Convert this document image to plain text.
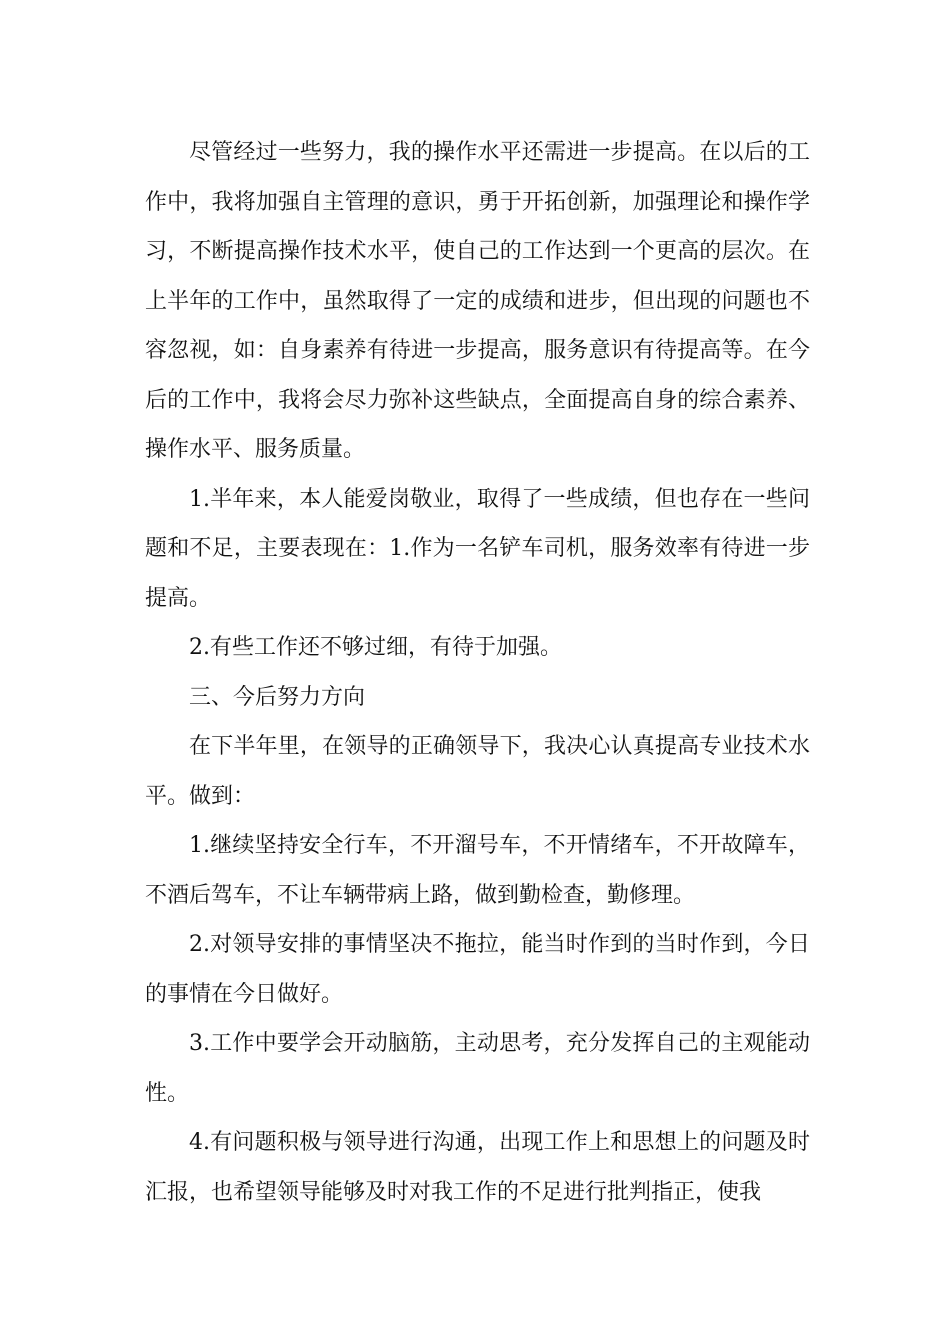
尽管经过一些努力，我的操作水平还需进一步提高。在以后的工作中，我将加强自主管理的意识，勇于开拓创新，加强理论和操作学习，不断提高操作技术水平，使自己的工作达到一个更高的层次。在上半年的工作中，虽然取得了一定的成绩和进步，但出现的问题也不容忽视，如：自身素养有待进一步提高，服务意识有待提高等。在今后的工作中，我将会尽力弥补这些缺点，全面提高自身的综合素养、操作水平、服务质量。

1.半年来，本人能爱岗敬业，取得了一些成绩，但也存在一些问题和不足，主要表现在：1.作为一名铲车司机，服务效率有待进一步提高。

2.有些工作还不够过细，有待于加强。

三、今后努力方向

在下半年里，在领导的正确领导下，我决心认真提高专业技术水平。做到：

1.继续坚持安全行车，不开溜号车，不开情绪车，不开故障车，不酒后驾车，不让车辆带病上路，做到勤检查，勤修理。

2.对领导安排的事情坚决不拖拉，能当时作到的当时作到，今日的事情在今日做好。

3.工作中要学会开动脑筋，主动思考，充分发挥自己的主观能动性。

4.有问题积极与领导进行沟通，出现工作上和思想上的问题及时汇报，也希望领导能够及时对我工作的不足进行批判指正，使我
